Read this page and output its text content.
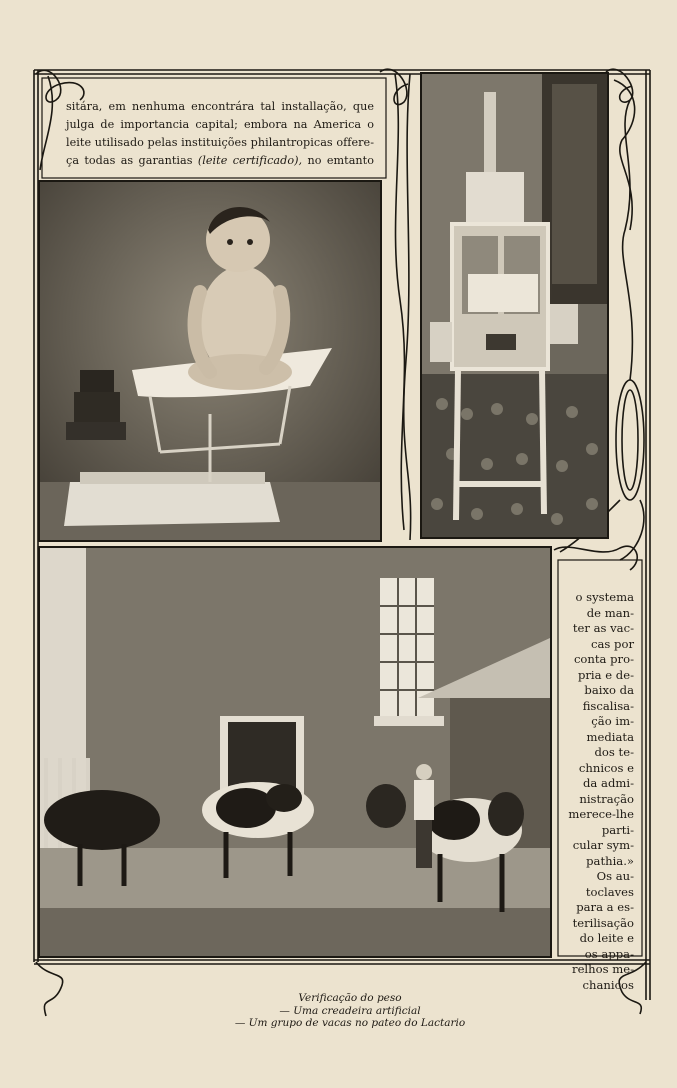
sitára, em nenhuma encontrára tal installação, que
julga de importancia capital; embora na America o
leite utilisado pelas instituições philantropicas offere-
ça todas as garantias (leite certificado), no emtanto
o systema
de man-
ter as vac-
cas por
conta pro-
pria e de-
baixo da
fiscalisa-
ção im-
mediata
dos te-
chnicos e
da admi-
nistração
merece-lhe
parti-
cular sym-
pathia.»
Os au-
toclaves
para a es-
terilisação
do leite e
os appa-
relhos me-
chanicos
Verificação do peso
— Uma creadeira artificial
— Um grupo de vacas no pateo do Lactario
